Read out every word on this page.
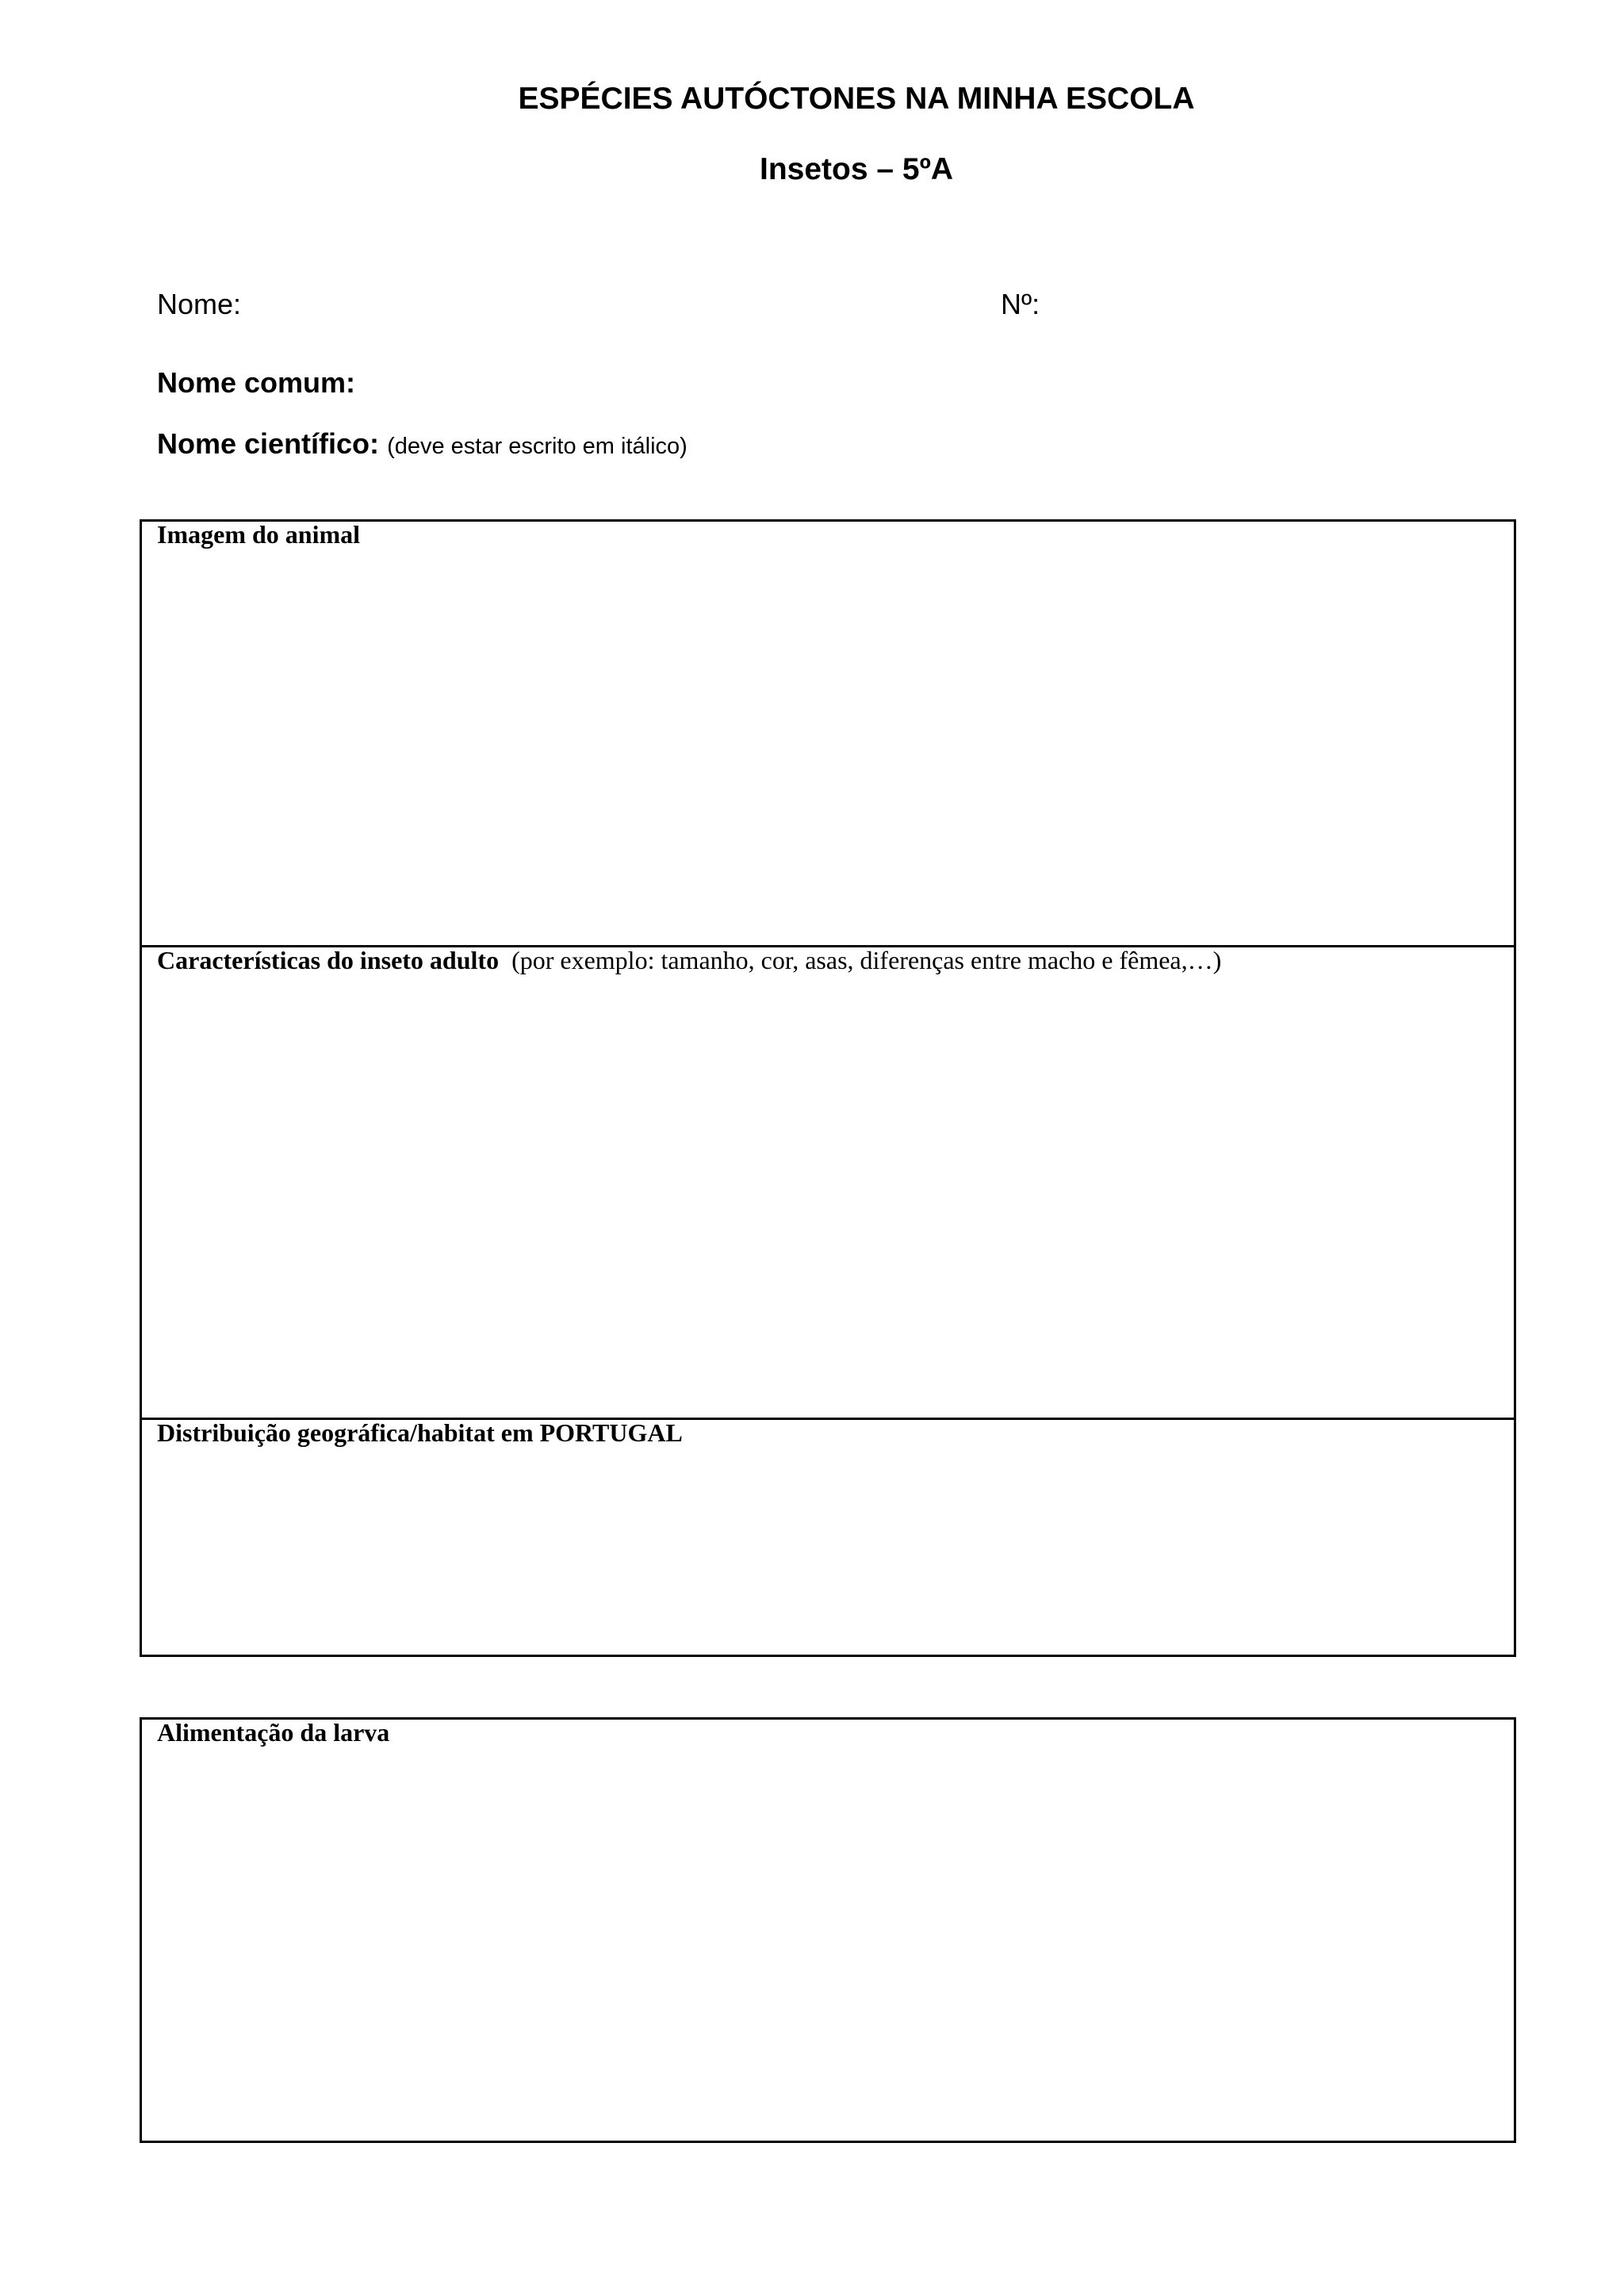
ESPÉCIES AUTÓCTONES NA MINHA ESCOLA
Insetos – 5ºA
Nome:	Nº:
Nome comum:
Nome científico: (deve estar escrito em itálico)
Imagem do animal
Características do inseto adulto (por exemplo: tamanho, cor, asas, diferenças entre macho e fêmea,…)
Distribuição geográfica/habitat em PORTUGAL
Alimentação da larva
